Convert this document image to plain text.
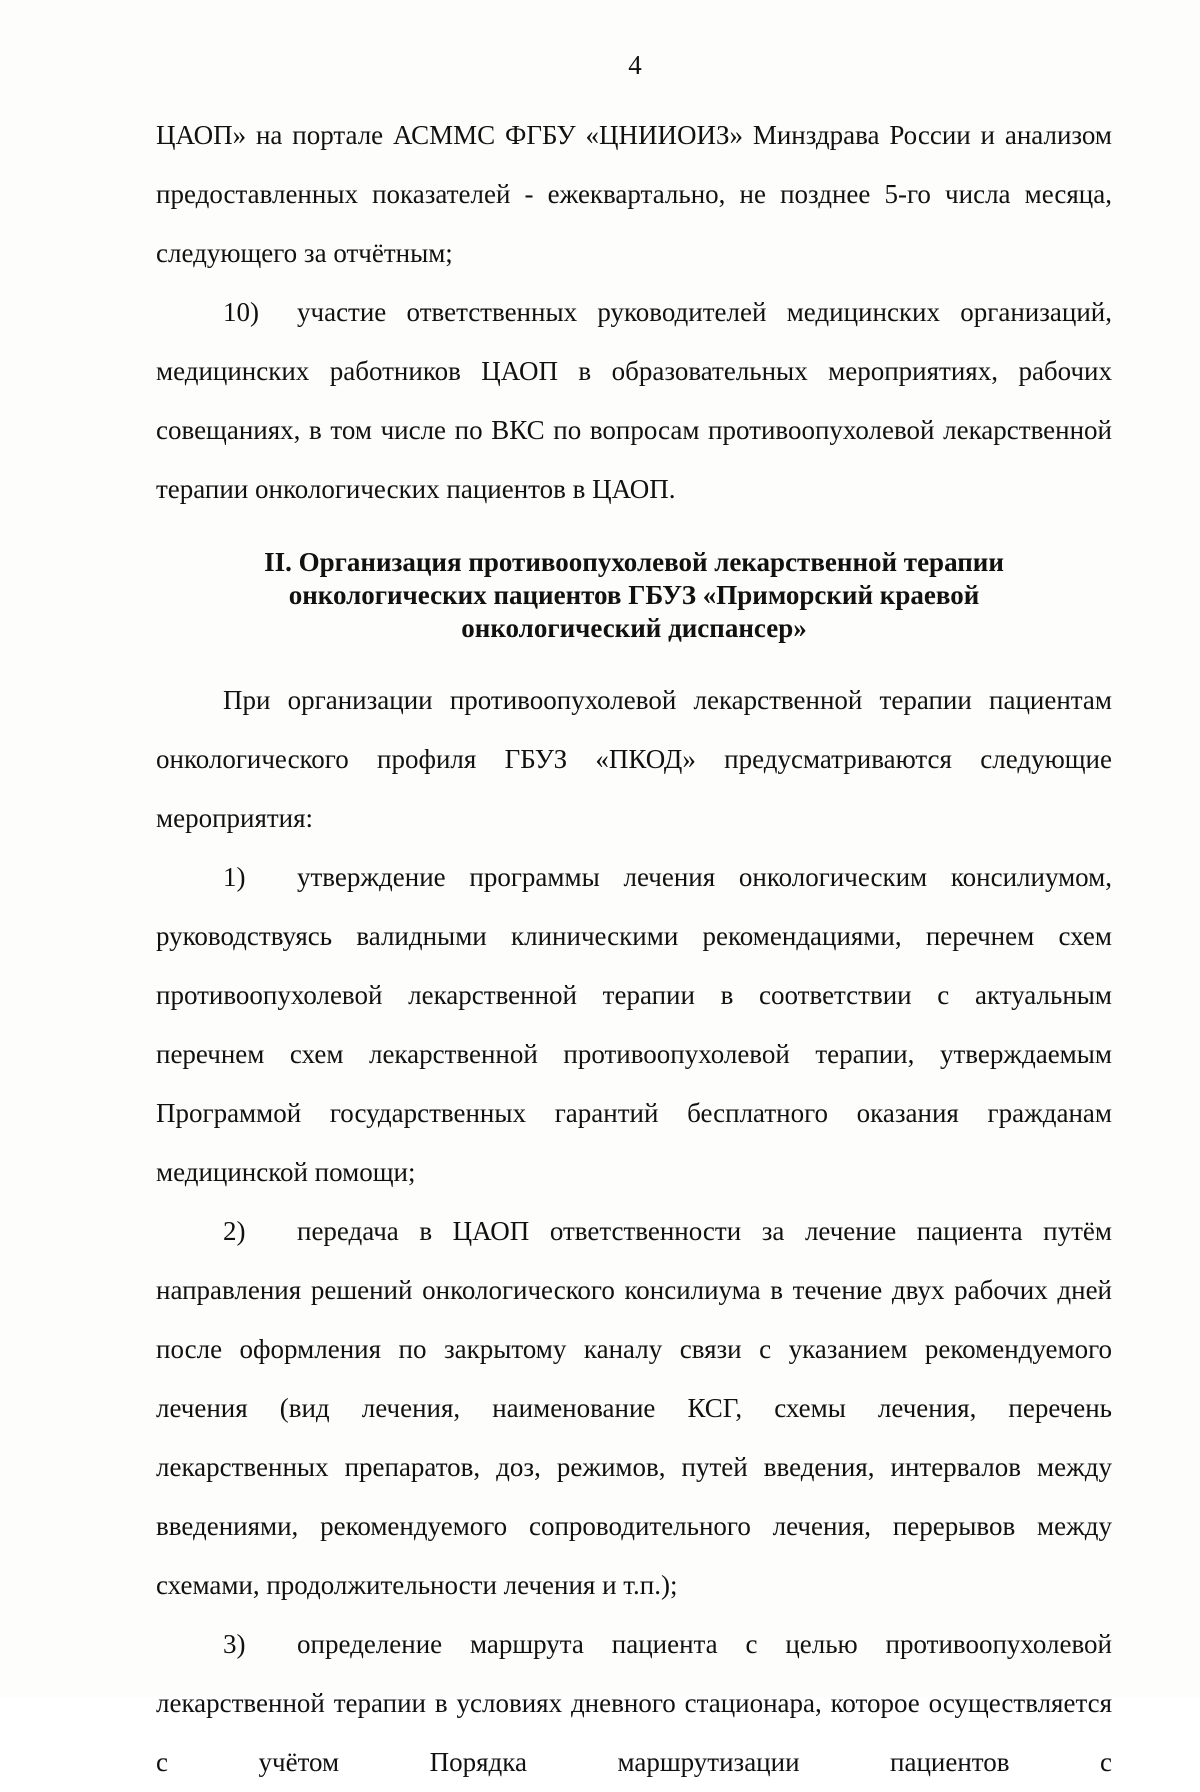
4

ЦАОП» на портале АСММС ФГБУ «ЦНИИОИЗ» Минздрава России и анализом предоставленных показателей - ежеквартально, не позднее 5-го числа месяца, следующего за отчётным;

10) участие ответственных руководителей медицинских организаций, медицинских работников ЦАОП в образовательных мероприятиях, рабочих совещаниях, в том числе по ВКС по вопросам противоопухолевой лекарственной терапии онкологических пациентов в ЦАОП.

II. Организация противоопухолевой лекарственной терапии
онкологических пациентов ГБУЗ «Приморский краевой
онкологический диспансер»

При организации противоопухолевой лекарственной терапии пациентам онкологического профиля ГБУЗ «ПКОД» предусматриваются следующие мероприятия:

1) утверждение программы лечения онкологическим консилиумом, руководствуясь валидными клиническими рекомендациями, перечнем схем противоопухолевой лекарственной терапии в соответствии с актуальным перечнем схем лекарственной противоопухолевой терапии, утверждаемым Программой государственных гарантий бесплатного оказания гражданам медицинской помощи;

2) передача в ЦАОП ответственности за лечение пациента путём направления решений онкологического консилиума в течение двух рабочих дней после оформления по закрытому каналу связи с указанием рекомендуемого лечения (вид лечения, наименование КСГ, схемы лечения, перечень лекарственных препаратов, доз, режимов, путей введения, интервалов между введениями, рекомендуемого сопроводительного лечения, перерывов между схемами, продолжительности лечения и т.п.);

3) определение маршрута пациента с целью противоопухолевой лекарственной терапии в условиях дневного стационара, которое осуществляется с учётом Порядка маршрутизации пациентов с
